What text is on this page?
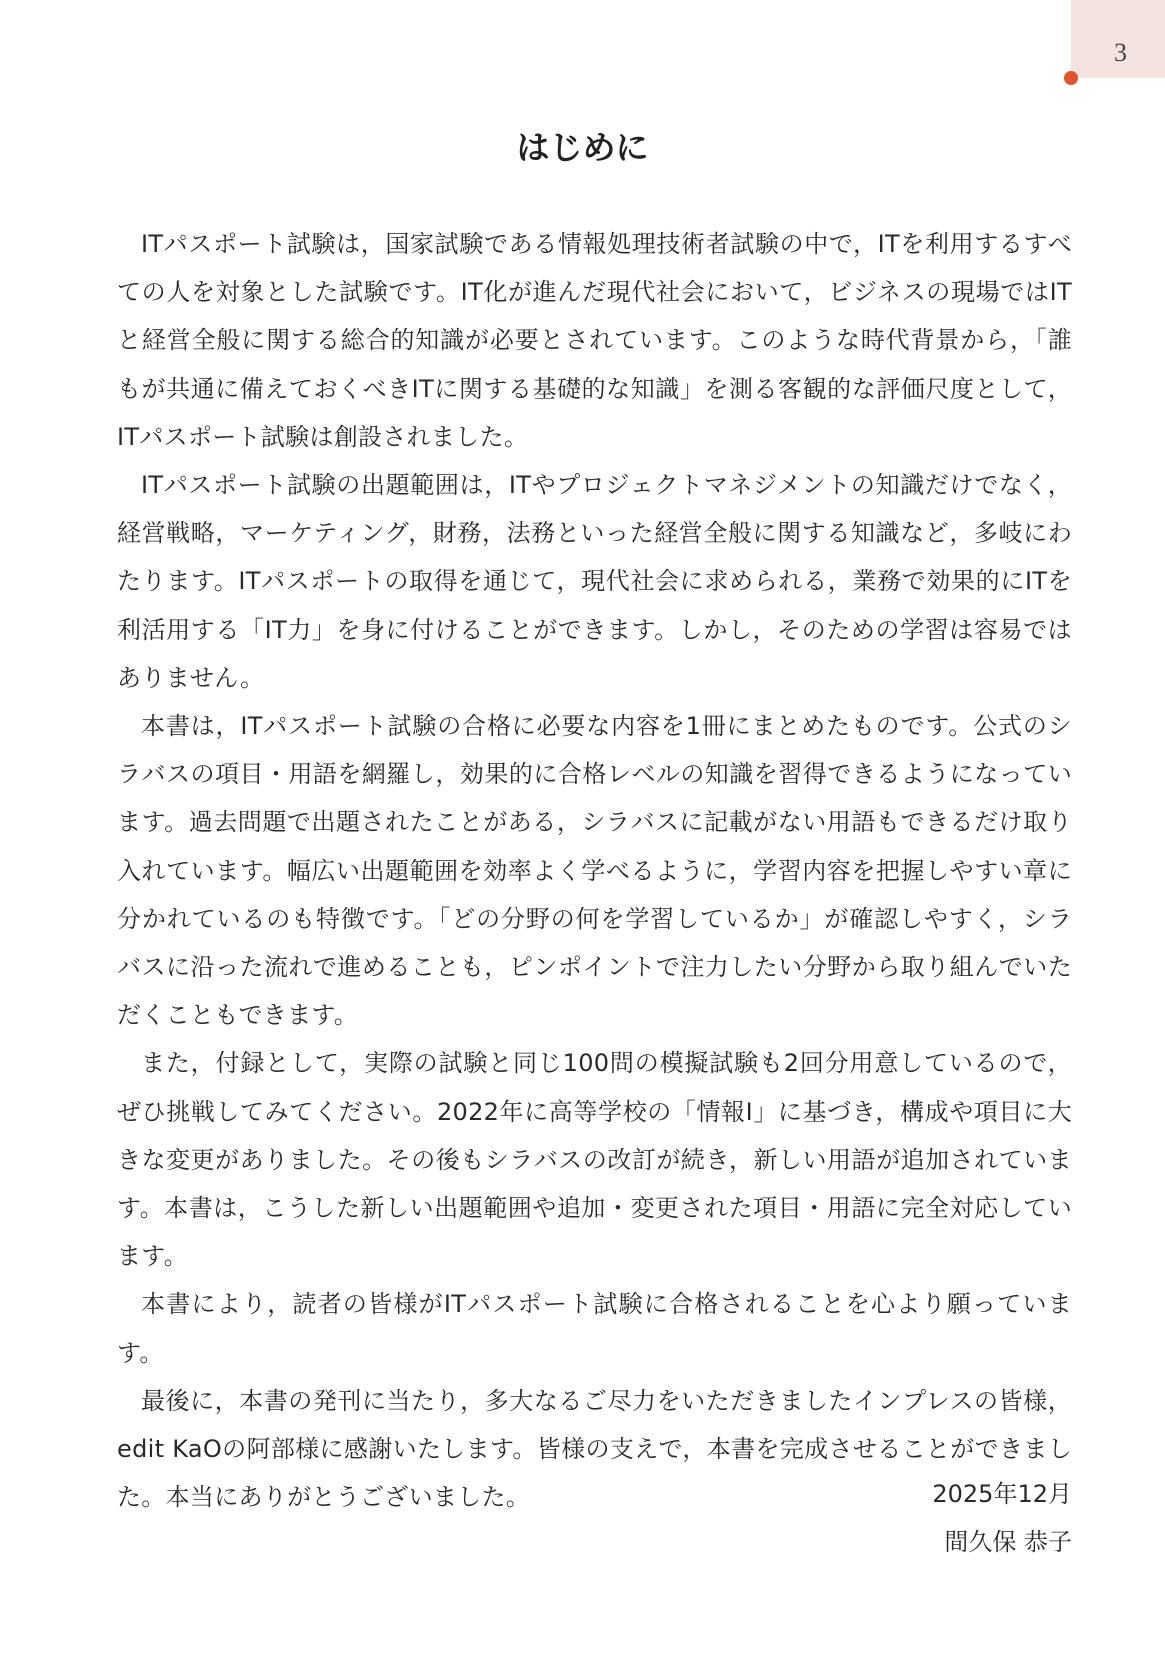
3
はじめに

ITパスポート試験は，国家試験である情報処理技術者試験の中で，ITを利用するすべての人を対象とした試験です。IT化が進んだ現代社会において，ビジネスの現場ではITと経営全般に関する総合的知識が必要とされています。このような時代背景から，「誰もが共通に備えておくべきITに関する基礎的な知識」を測る客観的な評価尺度として，ITパスポート試験は創設されました。

ITパスポート試験の出題範囲は，ITやプロジェクトマネジメントの知識だけでなく，経営戦略，マーケティング，財務，法務といった経営全般に関する知識など，多岐にわたります。ITパスポートの取得を通じて，現代社会に求められる，業務で効果的にITを利活用する「IT力」を身に付けることができます。しかし，そのための学習は容易ではありません。

本書は，ITパスポート試験の合格に必要な内容を1冊にまとめたものです。公式のシラバスの項目・用語を網羅し，効果的に合格レベルの知識を習得できるようになっています。過去問題で出題されたことがある，シラバスに記載がない用語もできるだけ取り入れています。幅広い出題範囲を効率よく学べるように，学習内容を把握しやすい章に分かれているのも特徴です。「どの分野の何を学習しているか」が確認しやすく，シラバスに沿った流れで進めることも，ピンポイントで注力したい分野から取り組んでいただくこともできます。

また，付録として，実際の試験と同じ100問の模擬試験も2回分用意しているので，ぜひ挑戦してみてください。2022年に高等学校の「情報Ⅰ」に基づき，構成や項目に大きな変更がありました。その後もシラバスの改訂が続き，新しい用語が追加されています。本書は，こうした新しい出題範囲や追加・変更された項目・用語に完全対応しています。

本書により，読者の皆様がITパスポート試験に合格されることを心より願っています。

最後に，本書の発刊に当たり，多大なるご尽力をいただきましたインプレスの皆様，edit KaOの阿部様に感謝いたします。皆様の支えで，本書を完成させることができました。本当にありがとうございました。	2025年12月
間久保 恭子
